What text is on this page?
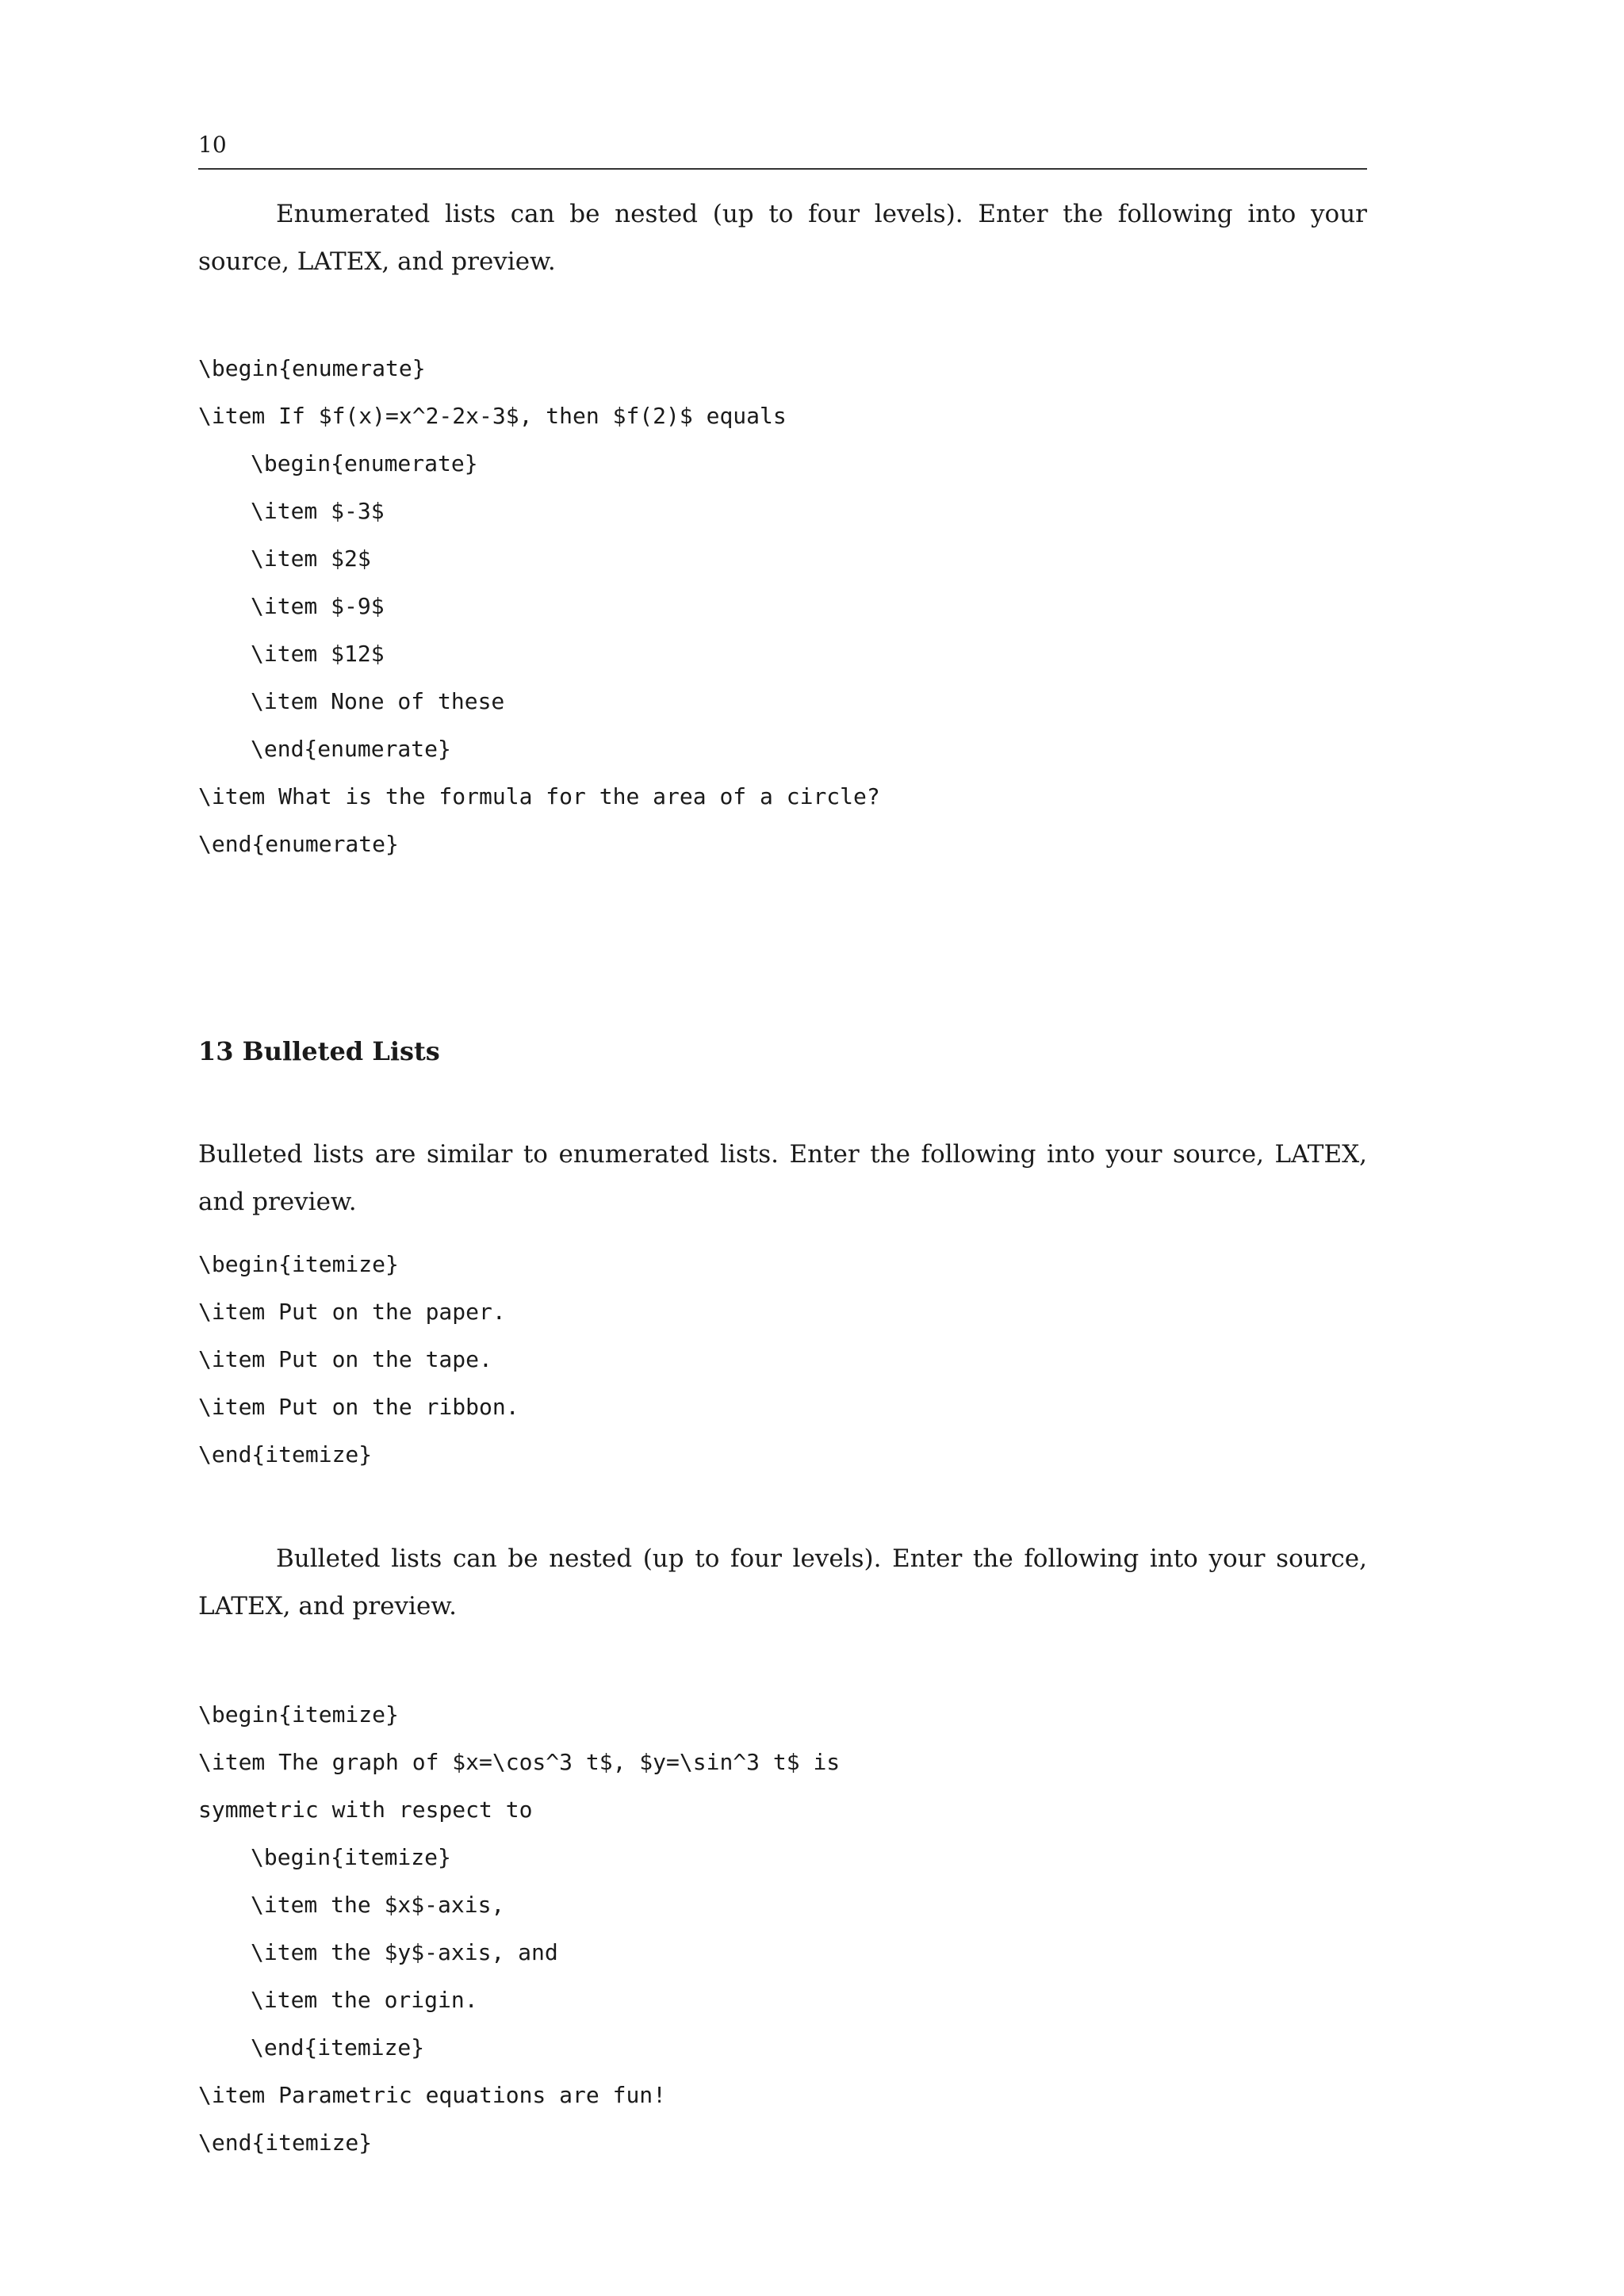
10

Enumerated lists can be nested (up to four levels). Enter the following into your source, LATEX, and preview.

\begin{enumerate}
\item If $f(x)=x^2-2x-3$, then $f(2)$ equals
\begin{enumerate}
\item $-3$
\item $2$
\item $-9$
\item $12$
\item None of these
\end{enumerate}
\item What is the formula for the area of a circle?
\end{enumerate}
13 Bulleted Lists

Bulleted lists are similar to enumerated lists. Enter the following into your source, LATEX, and preview.

\begin{itemize}
\item Put on the paper.
\item Put on the tape.
\item Put on the ribbon.
\end{itemize}

Bulleted lists can be nested (up to four levels). Enter the following into your source, LATEX, and preview.

\begin{itemize}
\item The graph of $x=\cos^3 t$, $y=\sin^3 t$ is
symmetric with respect to
\begin{itemize}
\item the $x$-axis,
\item the $y$-axis, and
\item the origin.
\end{itemize}
\item Parametric equations are fun!
\end{itemize}
